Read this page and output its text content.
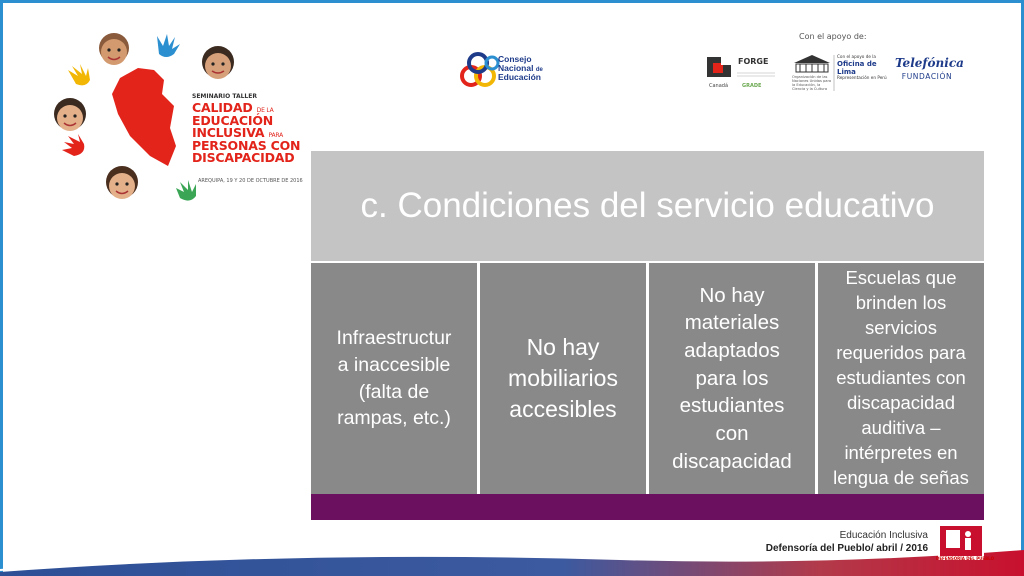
SEMINARIO TALLER
CALIDAD DE LA
EDUCACIÓN
INCLUSIVA PARA
PERSONAS CON
DISCAPACIDAD
AREQUIPA, 19 Y 20 DE OCTUBRE DE 2016
Consejo
Nacional de
Educación
Con el apoyo de:
FORGE
Canadá	GRADE
Con el apoyo de la
Oficina de Lima
Representación en Perú
Organización de las Naciones Unidas para la Educación, la Ciencia y la Cultura
Telefónica
FUNDACIÓN
c. Condiciones del servicio educativo
Infraestructur
a inaccesible
(falta de
rampas, etc.)
No hay
mobiliarios
accesibles
No hay
materiales
adaptados
para los
estudiantes
con
discapacidad
Escuelas que
brinden los
servicios
requeridos para
estudiantes con
discapacidad
auditiva –
intérpretes en
lengua de señas
Educación Inclusiva
Defensoría del Pueblo/ abril / 2016
DEFENSORÍA DEL PUEBLO
